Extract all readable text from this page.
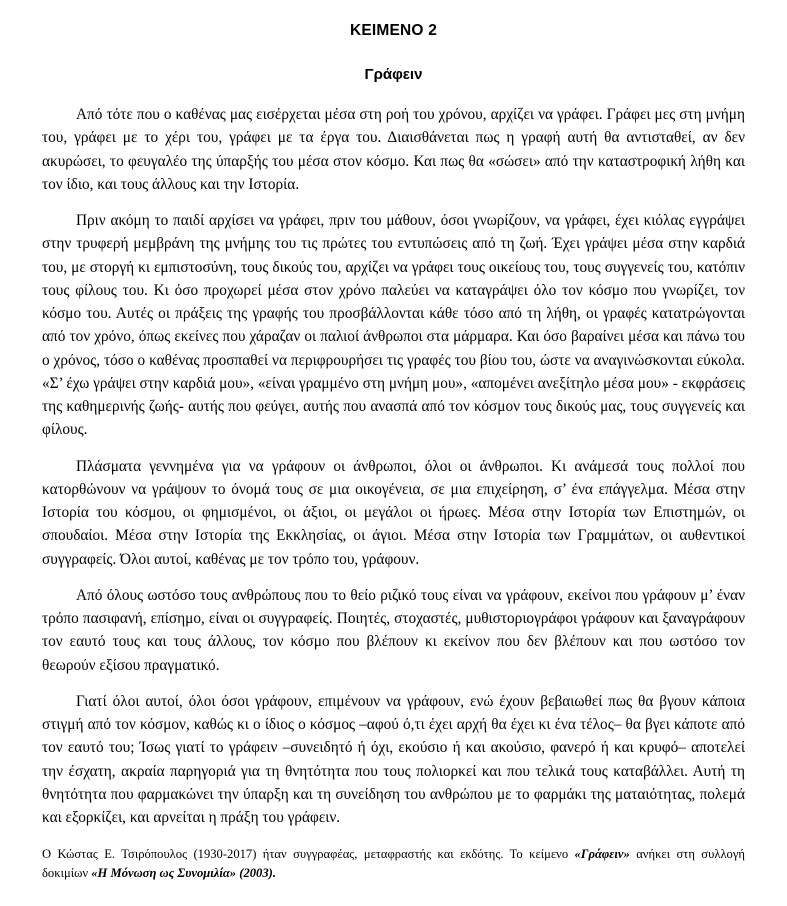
ΚΕΙΜΕΝΟ 2
Γράφειν

Από τότε που ο καθένας μας εισέρχεται μέσα στη ροή του χρόνου, αρχίζει να γράφει. Γράφει μες στη μνήμη του, γράφει με το χέρι του, γράφει με τα έργα του. Διαισθάνεται πως η γραφή αυτή θα αντισταθεί, αν δεν ακυρώσει, το φευγαλέο της ύπαρξής του μέσα στον κόσμο. Και πως θα «σώσει» από την καταστροφική λήθη και τον ίδιο, και τους άλλους και την Ιστορία.

Πριν ακόμη το παιδί αρχίσει να γράφει, πριν του μάθουν, όσοι γνωρίζουν, να γράφει, έχει κιόλας εγγράψει στην τρυφερή μεμβράνη της μνήμης του τις πρώτες του εντυπώσεις από τη ζωή. Έχει γράψει μέσα στην καρδιά του, με στοργή κι εμπιστοσύνη, τους δικούς του, αρχίζει να γράφει τους οικείους του, τους συγγενείς του, κατόπιν τους φίλους του. Κι όσο προχωρεί μέσα στον χρόνο παλεύει να καταγράψει όλο τον κόσμο που γνωρίζει, τον κόσμο του. Αυτές οι πράξεις της γραφής του προσβάλλονται κάθε τόσο από τη λήθη, οι γραφές κατατρώγονται από τον χρόνο, όπως εκείνες που χάραζαν οι παλιοί άνθρωποι στα μάρμαρα. Και όσο βαραίνει μέσα και πάνω του ο χρόνος, τόσο ο καθένας προσπαθεί να περιφρουρήσει τις γραφές του βίου του, ώστε να αναγινώσκονται εύκολα. «Σ’ έχω γράψει στην καρδιά μου», «είναι γραμμένο στη μνήμη μου», «απομένει ανεξίτηλο μέσα μου» - εκφράσεις της καθημερινής ζωής- αυτής που φεύγει, αυτής που ανασπά από τον κόσμον τους δικούς μας, τους συγγενείς και φίλους.

Πλάσματα γεννημένα για να γράφουν οι άνθρωποι, όλοι οι άνθρωποι. Κι ανάμεσά τους πολλοί που κατορθώνουν να γράψουν το όνομά τους σε μια οικογένεια, σε μια επιχείρηση, σ’ ένα επάγγελμα. Μέσα στην Ιστορία του κόσμου, οι φημισμένοι, οι άξιοι, οι μεγάλοι οι ήρωες. Μέσα στην Ιστορία των Επιστημών, οι σπουδαίοι. Μέσα στην Ιστορία της Εκκλησίας, οι άγιοι. Μέσα στην Ιστορία των Γραμμάτων, οι αυθεντικοί συγγραφείς. Όλοι αυτοί, καθένας με τον τρόπο του, γράφουν.

Από όλους ωστόσο τους ανθρώπους που το θείο ριζικό τους είναι να γράφουν, εκείνοι που γράφουν μ’ έναν τρόπο πασιφανή, επίσημο, είναι οι συγγραφείς. Ποιητές, στοχαστές, μυθιστοριογράφοι γράφουν και ξαναγράφουν τον εαυτό τους και τους άλλους, τον κόσμο που βλέπουν κι εκείνον που δεν βλέπουν και που ωστόσο τον θεωρούν εξίσου πραγματικό.

Γιατί όλοι αυτοί, όλοι όσοι γράφουν, επιμένουν να γράφουν, ενώ έχουν βεβαιωθεί πως θα βγουν κάποια στιγμή από τον κόσμον, καθώς κι ο ίδιος ο κόσμος –αφού ό,τι έχει αρχή θα έχει κι ένα τέλος– θα βγει κάποτε από τον εαυτό του; Ίσως γιατί το γράφειν –συνειδητό ή όχι, εκούσιο ή και ακούσιο, φανερό ή και κρυφό– αποτελεί την έσχατη, ακραία παρηγοριά για τη θνητότητα που τους πολιορκεί και που τελικά τους καταβάλλει. Αυτή τη θνητότητα που φαρμακώνει την ύπαρξη και τη συνείδηση του ανθρώπου με το φαρμάκι της ματαιότητας, πολεμά και εξορκίζει, και αρνείται η πράξη του γράφειν.

Ο Κώστας Ε. Τσιρόπουλος (1930-2017) ήταν συγγραφέας, μεταφραστής και εκδότης. Το κείμενο «Γράφειν» ανήκει στη συλλογή δοκιμίων «Η Μόνωση ως Συνομιλία» (2003).
